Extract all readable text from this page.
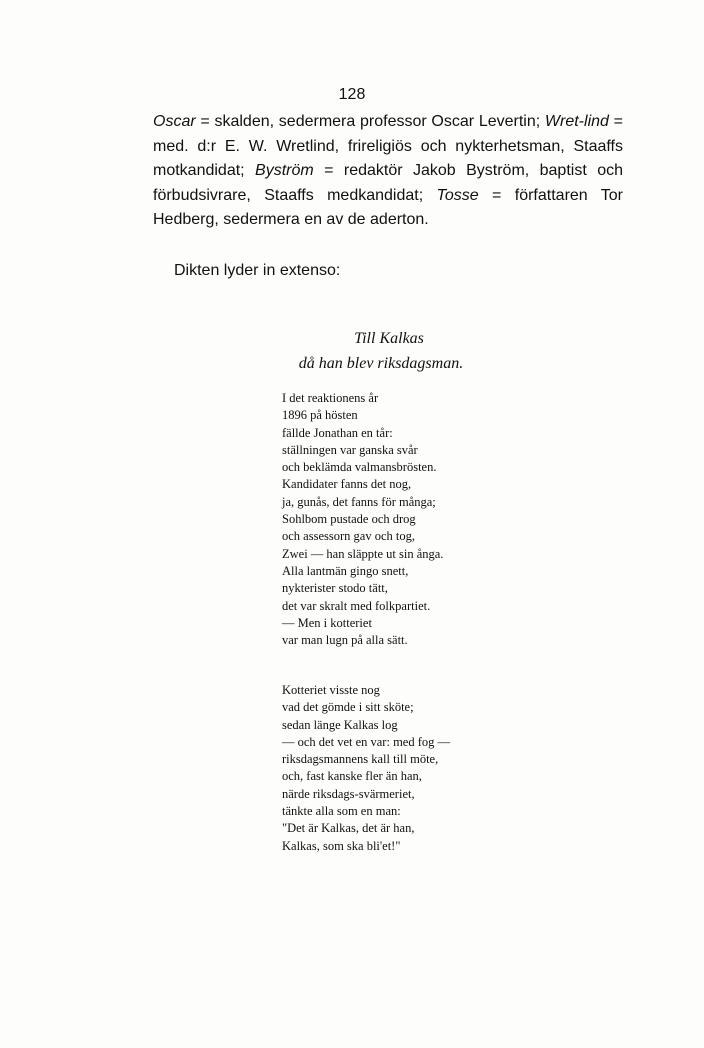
128

Oscar = skalden, sedermera professor Oscar Levertin; Wret-lind = med. d:r E. W. Wretlind, frireligiös och nykterhetsman, Staaffs motkandidat; Byström = redaktör Jakob Byström, baptist och förbudsivrare, Staaffs medkandidat; Tosse = författaren Tor Hedberg, sedermera en av de aderton.

Dikten lyder in extenso:

Till Kalkas
då han blev riksdagsman.
I det reaktionens år
1896 på hösten
fällde Jonathan en tår:
ställningen var ganska svår
och beklämda valmansbrösten.
Kandidater fanns det nog,
ja, gunås, det fanns för många;
Sohlbom pustade och drog
och assessorn gav och tog,
Zwei — han släppte ut sin ånga.
Alla lantmän gingo snett,
nykterister stodo tätt,
det var skralt med folkpartiet.
— Men i kotteriet
var man lugn på alla sätt.
Kotteriet visste nog
vad det gömde i sitt sköte;
sedan länge Kalkas log
— och det vet en var: med fog —
riksdagsmannens kall till möte,
och, fast kanske fler än han,
närde riksdags-svärmeriet,
tänkte alla som en man:
"Det är Kalkas, det är han,
Kalkas, som ska bli'et!"
